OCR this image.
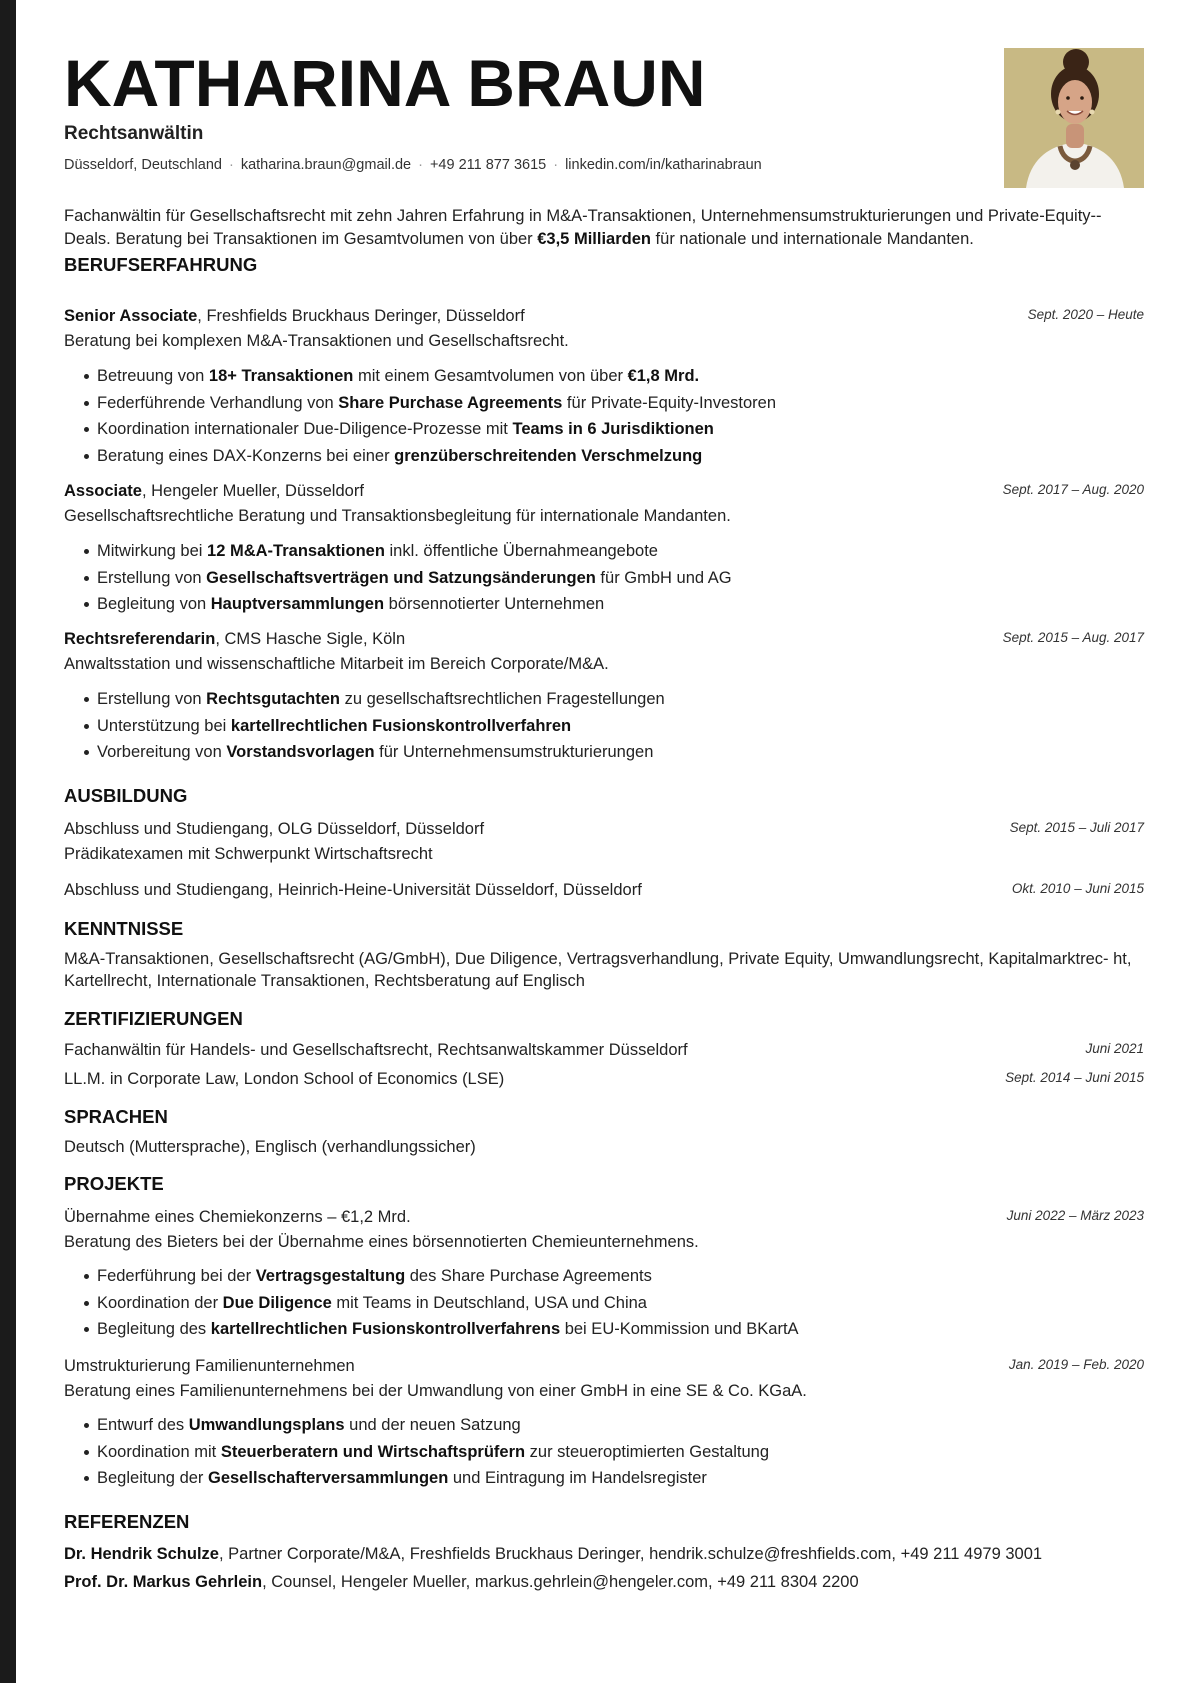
KATHARINA BRAUN
Rechtsanwältin
Düsseldorf, Deutschland · katharina.braun@gmail.de · +49 211 877 3615 · linkedin.com/in/katharinabraun

Fachanwältin für Gesellschaftsrecht mit zehn Jahren Erfahrung in M&A-Transaktionen, Unternehmensumstrukturierungen und Private-Equity-- Deals. Beratung bei Transaktionen im Gesamtvolumen von über €3,5 Milliarden für nationale und internationale Mandanten.

BERUFSERFAHRUNG
Senior Associate, Freshfields Bruckhaus Deringer, Düsseldorf	Sept. 2020 – Heute
Beratung bei komplexen M&A-Transaktionen und Gesellschaftsrecht.
Betreuung von 18+ Transaktionen mit einem Gesamtvolumen von über €1,8 Mrd.
Federführende Verhandlung von Share Purchase Agreements für Private-Equity-Investoren
Koordination internationaler Due-Diligence-Prozesse mit Teams in 6 Jurisdiktionen
Beratung eines DAX-Konzerns bei einer grenzüberschreitenden Verschmelzung
Associate, Hengeler Mueller, Düsseldorf	Sept. 2017 – Aug. 2020
Gesellschaftsrechtliche Beratung und Transaktionsbegleitung für internationale Mandanten.
Mitwirkung bei 12 M&A-Transaktionen inkl. öffentliche Übernahmeangebote
Erstellung von Gesellschaftsverträgen und Satzungsänderungen für GmbH und AG
Begleitung von Hauptversammlungen börsennotierter Unternehmen
Rechtsreferendarin, CMS Hasche Sigle, Köln	Sept. 2015 – Aug. 2017
Anwaltsstation und wissenschaftliche Mitarbeit im Bereich Corporate/M&A.
Erstellung von Rechtsgutachten zu gesellschaftsrechtlichen Fragestellungen
Unterstützung bei kartellrechtlichen Fusionskontrollverfahren
Vorbereitung von Vorstandsvorlagen für Unternehmensumstrukturierungen
AUSBILDUNG
Abschluss und Studiengang, OLG Düsseldorf, Düsseldorf	Sept. 2015 – Juli 2017
Prädikatexamen mit Schwerpunkt Wirtschaftsrecht
Abschluss und Studiengang, Heinrich-Heine-Universität Düsseldorf, Düsseldorf	Okt. 2010 – Juni 2015
KENNTNISSE

M&A-Transaktionen, Gesellschaftsrecht (AG/GmbH), Due Diligence, Vertragsverhandlung, Private Equity, Umwandlungsrecht, Kapitalmarktrec- ht, Kartellrecht, Internationale Transaktionen, Rechtsberatung auf Englisch

ZERTIFIZIERUNGEN
Fachanwältin für Handels- und Gesellschaftsrecht, Rechtsanwaltskammer Düsseldorf	Juni 2021
LL.M. in Corporate Law, London School of Economics (LSE)	Sept. 2014 – Juni 2015
SPRACHEN
Deutsch (Muttersprache), Englisch (verhandlungssicher)
PROJEKTE
Übernahme eines Chemiekonzerns – €1,2 Mrd.	Juni 2022 – März 2023
Beratung des Bieters bei der Übernahme eines börsennotierten Chemieunternehmens.
Federführung bei der Vertragsgestaltung des Share Purchase Agreements
Koordination der Due Diligence mit Teams in Deutschland, USA und China
Begleitung des kartellrechtlichen Fusionskontrollverfahrens bei EU-Kommission und BKartA
Umstrukturierung Familienunternehmen	Jan. 2019 – Feb. 2020
Beratung eines Familienunternehmens bei der Umwandlung von einer GmbH in eine SE & Co. KGaA.
Entwurf des Umwandlungsplans und der neuen Satzung
Koordination mit Steuerberatern und Wirtschaftsprüfern zur steueroptimierten Gestaltung
Begleitung der Gesellschafterversammlungen und Eintragung im Handelsregister
REFERENZEN
Dr. Hendrik Schulze, Partner Corporate/M&A, Freshfields Bruckhaus Deringer, hendrik.schulze@freshfields.com, +49 211 4979 3001
Prof. Dr. Markus Gehrlein, Counsel, Hengeler Mueller, markus.gehrlein@hengeler.com, +49 211 8304 2200
